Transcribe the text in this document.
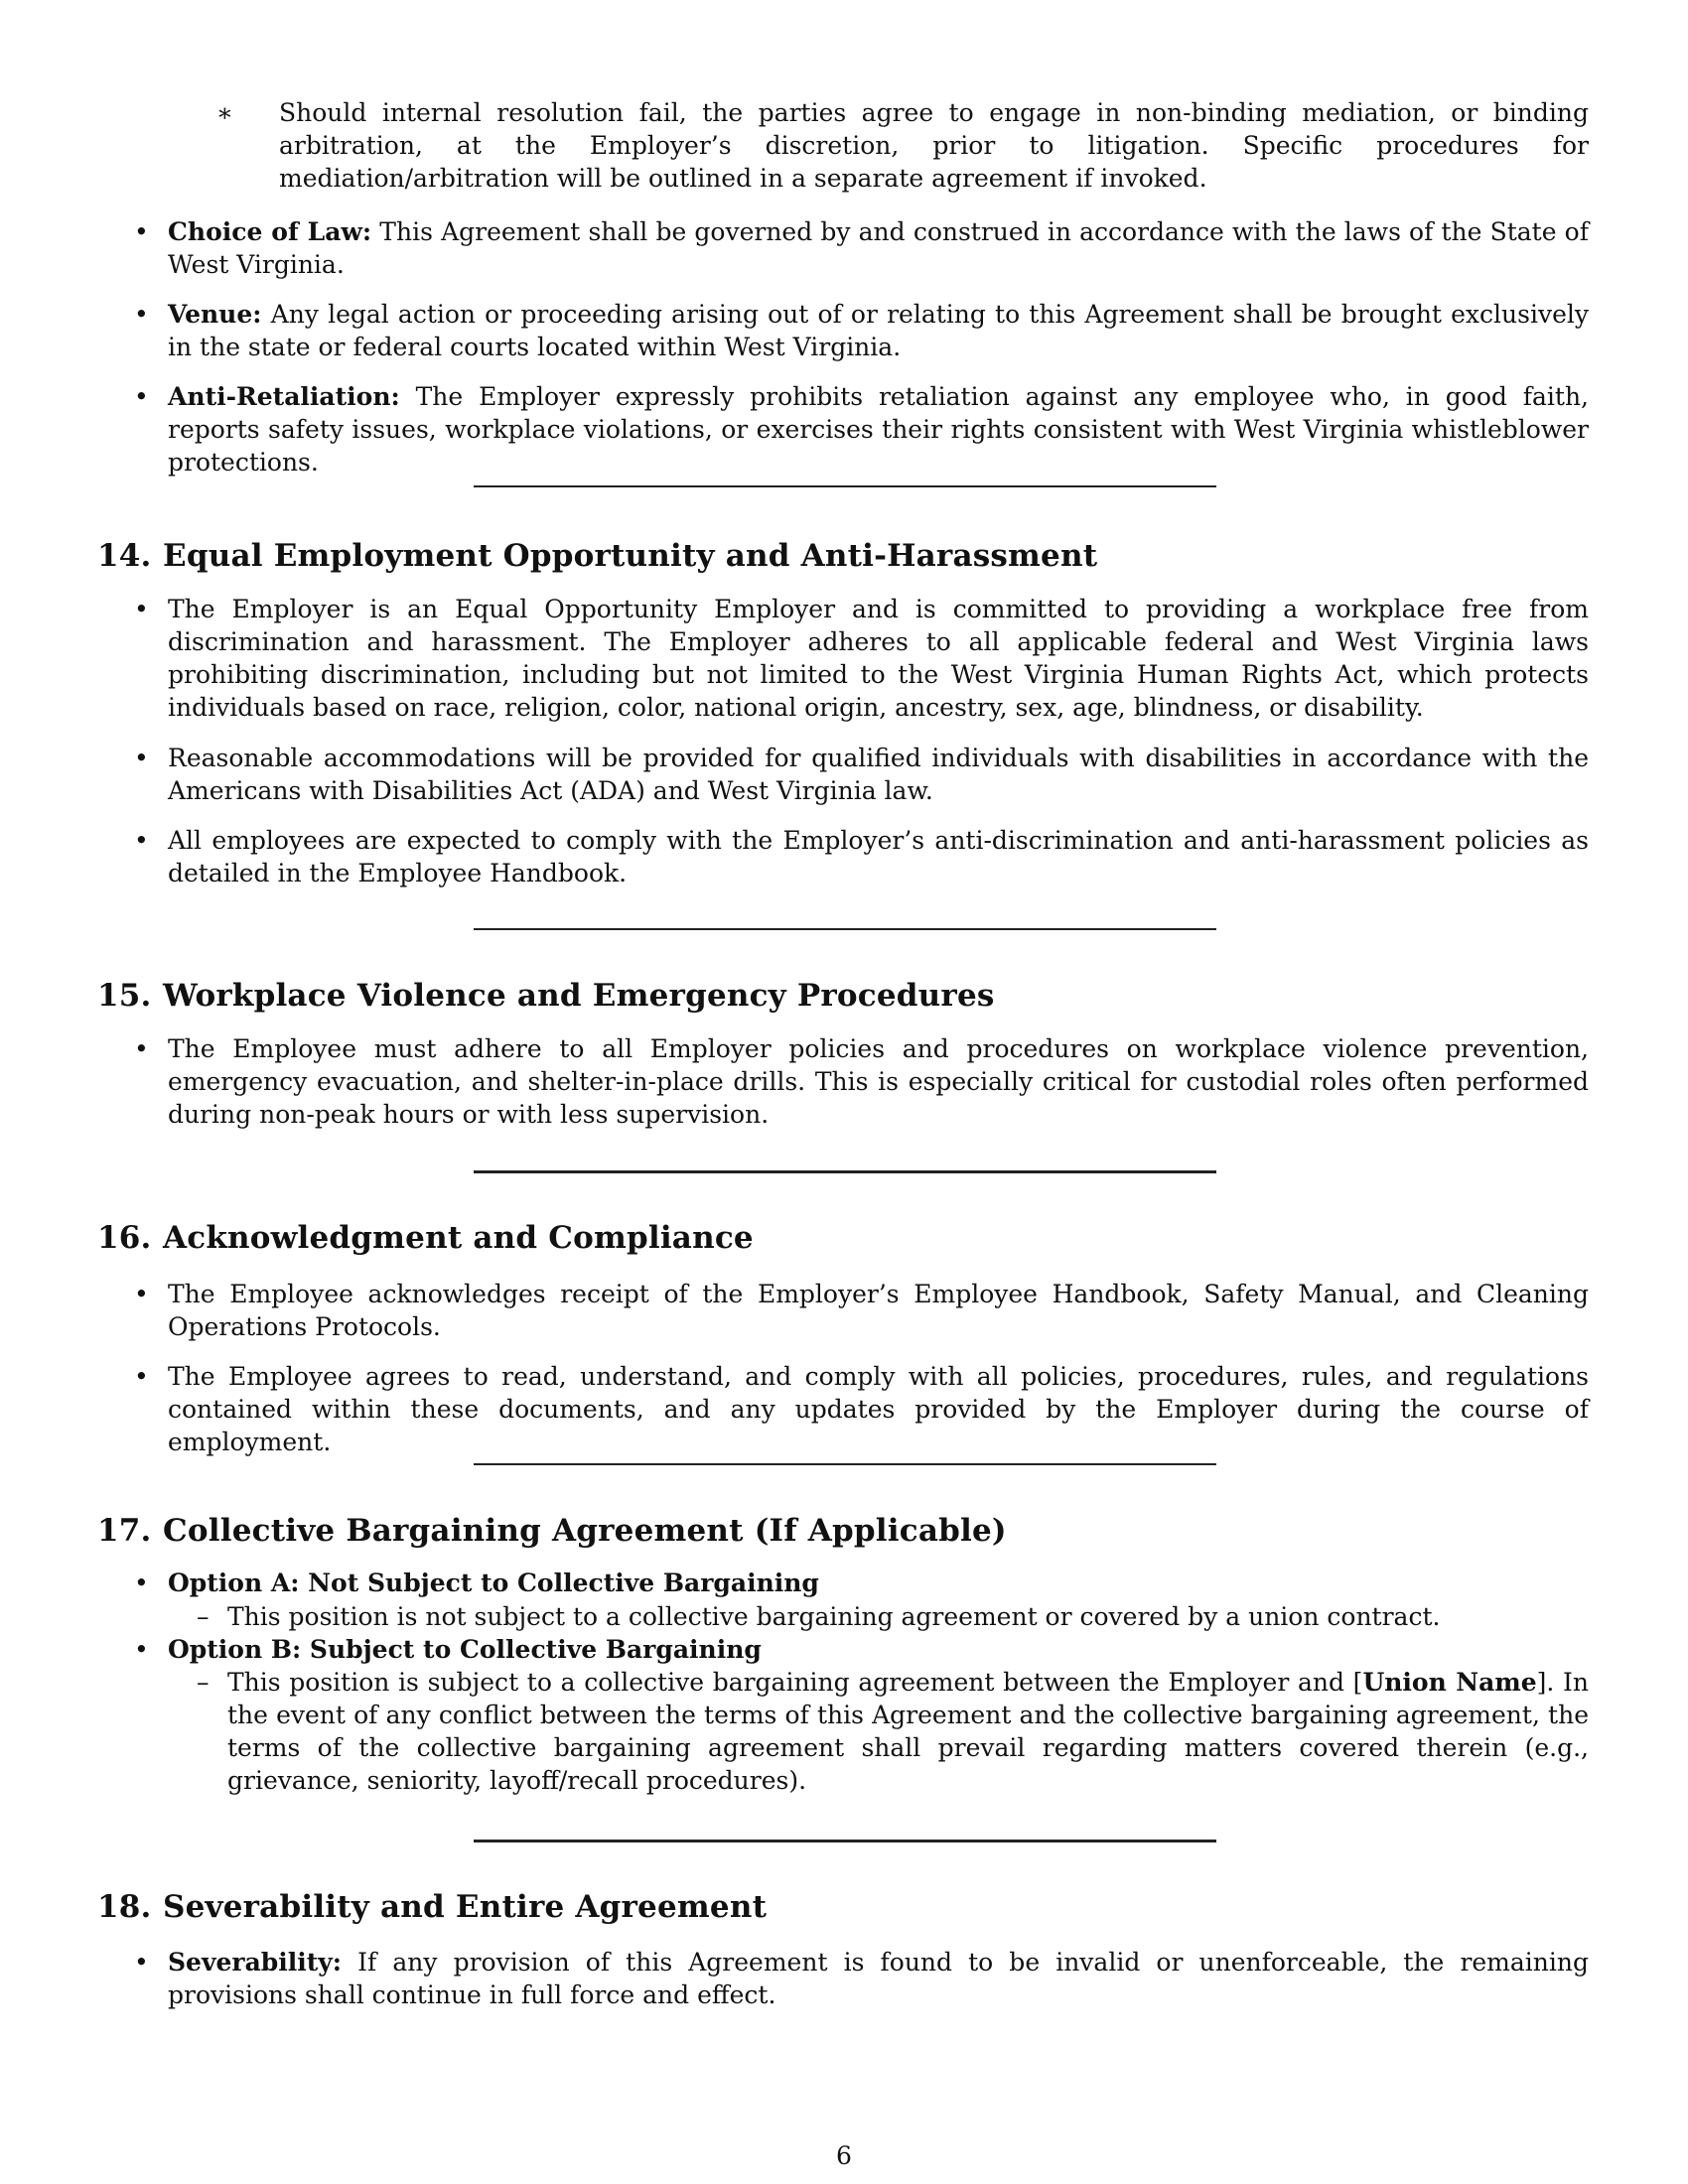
∗ Should internal resolution fail, the parties agree to engage in non-binding mediation, or binding arbitration, at the Employer’s discretion, prior to litigation. Specific procedures for mediation/arbitration will be outlined in a separate agreement if invoked.
• Choice of Law: This Agreement shall be governed by and construed in accordance with the laws of the State of West Virginia.
• Venue: Any legal action or proceeding arising out of or relating to this Agreement shall be brought exclusively in the state or federal courts located within West Virginia.
• Anti-Retaliation: The Employer expressly prohibits retaliation against any employee who, in good faith, reports safety issues, workplace violations, or exercises their rights consistent with West Virginia whistleblower protections.
14. Equal Employment Opportunity and Anti-Harassment
• The Employer is an Equal Opportunity Employer and is committed to providing a workplace free from discrimination and harassment. The Employer adheres to all applicable federal and West Virginia laws prohibiting discrimination, including but not limited to the West Virginia Human Rights Act, which protects individuals based on race, religion, color, national origin, ancestry, sex, age, blindness, or disability.
• Reasonable accommodations will be provided for qualified individuals with disabilities in accordance with the Americans with Disabilities Act (ADA) and West Virginia law.
• All employees are expected to comply with the Employer’s anti-discrimination and anti-harassment policies as detailed in the Employee Handbook.
15. Workplace Violence and Emergency Procedures
• The Employee must adhere to all Employer policies and procedures on workplace violence prevention, emergency evacuation, and shelter-in-place drills. This is especially critical for custodial roles often performed during non-peak hours or with less supervision.
16. Acknowledgment and Compliance
• The Employee acknowledges receipt of the Employer’s Employee Handbook, Safety Manual, and Cleaning Operations Protocols.
• The Employee agrees to read, understand, and comply with all policies, procedures, rules, and regulations contained within these documents, and any updates provided by the Employer during the course of employment.
17. Collective Bargaining Agreement (If Applicable)
• Option A: Not Subject to Collective Bargaining
– This position is not subject to a collective bargaining agreement or covered by a union contract.
• Option B: Subject to Collective Bargaining
– This position is subject to a collective bargaining agreement between the Employer and [Union Name]. In the event of any conflict between the terms of this Agreement and the collective bargaining agreement, the terms of the collective bargaining agreement shall prevail regarding matters covered therein (e.g., grievance, seniority, layoff/recall procedures).
18. Severability and Entire Agreement
• Severability: If any provision of this Agreement is found to be invalid or unenforceable, the remaining provisions shall continue in full force and effect.
6
